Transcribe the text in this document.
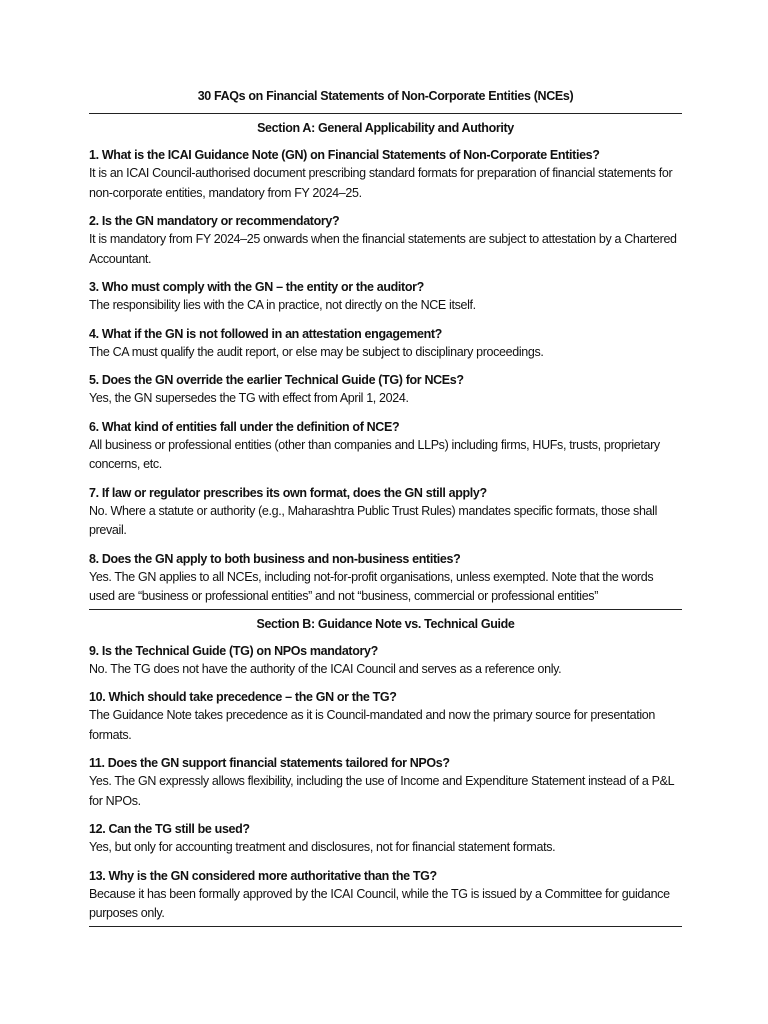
30 FAQs on Financial Statements of Non-Corporate Entities (NCEs)
Section A: General Applicability and Authority

1. What is the ICAI Guidance Note (GN) on Financial Statements of Non-Corporate Entities?

It is an ICAI Council-authorised document prescribing standard formats for preparation of financial statements for non-corporate entities, mandatory from FY 2024–25.

2. Is the GN mandatory or recommendatory?

It is mandatory from FY 2024–25 onwards when the financial statements are subject to attestation by a Chartered Accountant.

3. Who must comply with the GN – the entity or the auditor?

The responsibility lies with the CA in practice, not directly on the NCE itself.

4. What if the GN is not followed in an attestation engagement?

The CA must qualify the audit report, or else may be subject to disciplinary proceedings.

5. Does the GN override the earlier Technical Guide (TG) for NCEs?

Yes, the GN supersedes the TG with effect from April 1, 2024.

6. What kind of entities fall under the definition of NCE?

All business or professional entities (other than companies and LLPs) including firms, HUFs, trusts, proprietary concerns, etc.

7. If law or regulator prescribes its own format, does the GN still apply?

No. Where a statute or authority (e.g., Maharashtra Public Trust Rules) mandates specific formats, those shall prevail.

8. Does the GN apply to both business and non-business entities?

Yes. The GN applies to all NCEs, including not-for-profit organisations, unless exempted. Note that the words used are “business or professional entities” and not “business, commercial or professional entities”

Section B: Guidance Note vs. Technical Guide

9. Is the Technical Guide (TG) on NPOs mandatory?

No. The TG does not have the authority of the ICAI Council and serves as a reference only.

10. Which should take precedence – the GN or the TG?

The Guidance Note takes precedence as it is Council-mandated and now the primary source for presentation formats.

11. Does the GN support financial statements tailored for NPOs?

Yes. The GN expressly allows flexibility, including the use of Income and Expenditure Statement instead of a P&L for NPOs.

12. Can the TG still be used?

Yes, but only for accounting treatment and disclosures, not for financial statement formats.

13. Why is the GN considered more authoritative than the TG?

Because it has been formally approved by the ICAI Council, while the TG is issued by a Committee for guidance purposes only.
